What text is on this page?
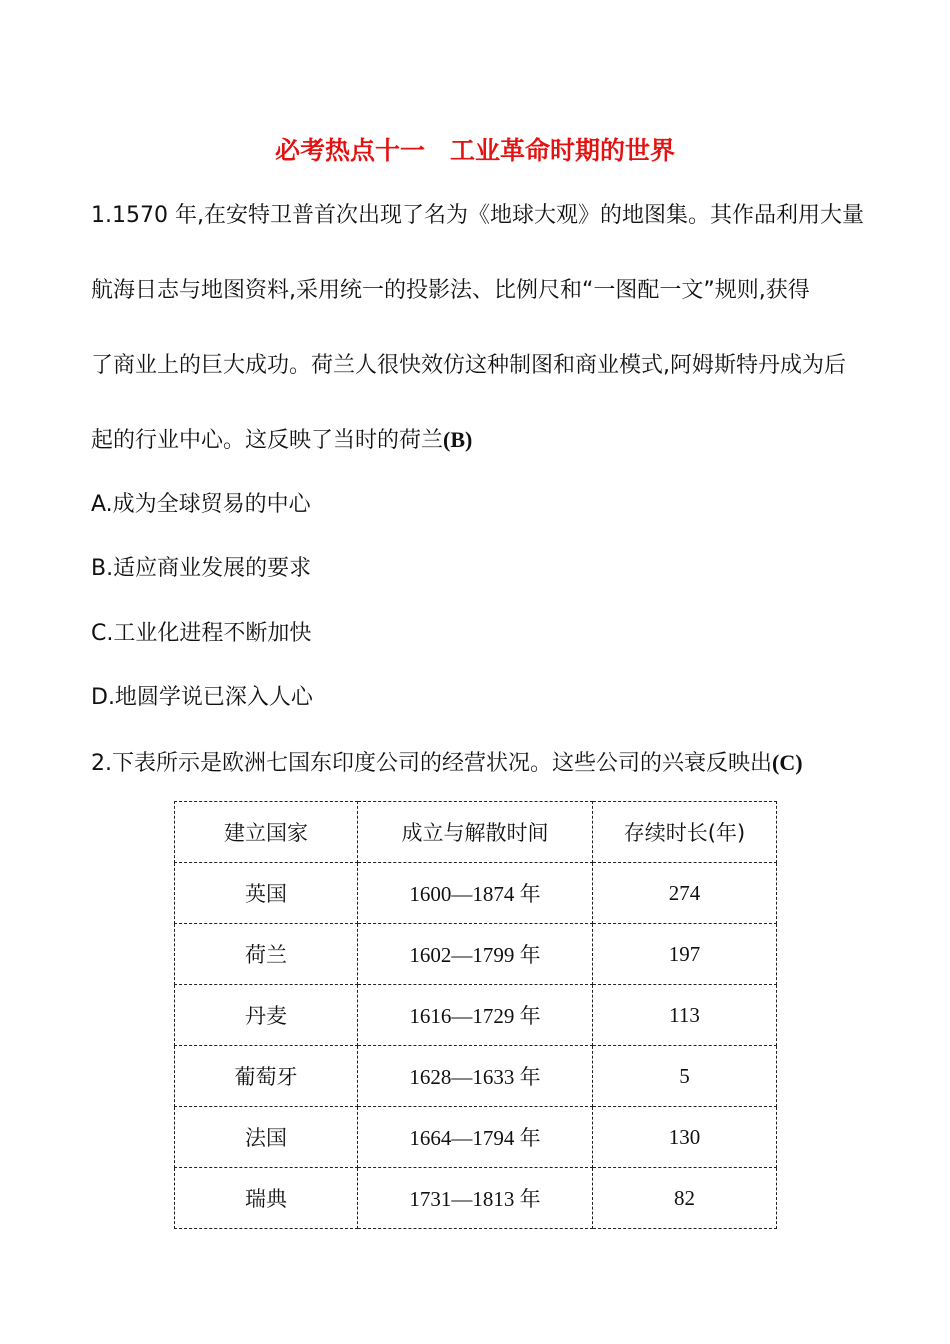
必考热点十一　工业革命时期的世界
1.1570 年,在安特卫普首次出现了名为《地球大观》的地图集。其作品利用大量
航海日志与地图资料,采用统一的投影法、比例尺和“一图配一文”规则,获得
了商业上的巨大成功。荷兰人很快效仿这种制图和商业模式,阿姆斯特丹成为后
起的行业中心。这反映了当时的荷兰(B)
A.成为全球贸易的中心
B.适应商业发展的要求
C.工业化进程不断加快
D.地圆学说已深入人心
2.下表所示是欧洲七国东印度公司的经营状况。这些公司的兴衰反映出(C)
建立国家	成立与解散时间	存续时长(年)
英国	1600—1874 年	274
荷兰	1602—1799 年	197
丹麦	1616—1729 年	113
葡萄牙	1628—1633 年	5
法国	1664—1794 年	130
瑞典	1731—1813 年	82
